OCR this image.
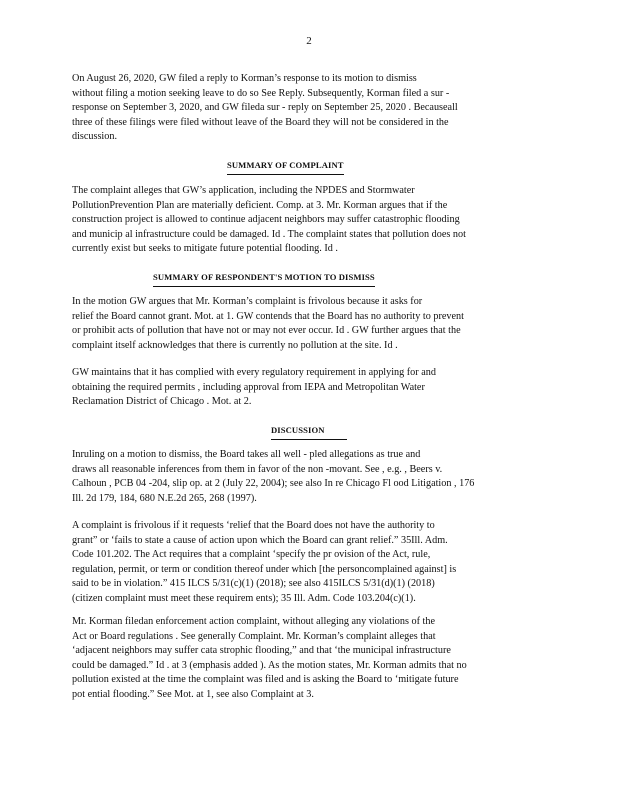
2
On August 26, 2020, GW filed a reply to Korman’s response to its motion to dismiss
without filing a motion seeking leave to do so See Reply. Subsequently, Korman filed a sur -
response on September 3, 2020, and GW fileda sur - reply on September 25, 2020 . Becauseall
three of these filings were filed without leave of the Board they will not be considered in the
discussion.
SUMMARY OF COMPLAINT
The complaint alleges that GW’s application, including the NPDES and Stormwater
PollutionPrevention Plan are materially deficient. Comp. at 3. Mr. Korman argues that if the
construction project is allowed to continue adjacent neighbors may suffer catastrophic flooding
and municip al infrastructure could be damaged. Id . The complaint states that pollution does not
currently exist but seeks to mitigate future potential flooding. Id .
SUMMARY OF RESPONDENT'S MOTION TO DISMISS
In the motion GW argues that Mr. Korman’s complaint is frivolous because it asks for
relief the Board cannot grant. Mot. at 1. GW contends that the Board has no authority to prevent
or prohibit acts of pollution that have not or may not ever occur. Id . GW further argues that the
complaint itself acknowledges that there is currently no pollution at the site. Id .
GW maintains that it has complied with every regulatory requirement in applying for and
obtaining the required permits , including approval from IEPA and Metropolitan Water
Reclamation District of Chicago . Mot. at 2.
DISCUSSION
Inruling on a motion to dismiss, the Board takes all well - pled allegations as true and
draws all reasonable inferences from them in favor of the non -movant. See , e.g. , Beers v.
Calhoun , PCB 04 -204, slip op. at 2 (July 22, 2004); see also In re Chicago Fl ood Litigation , 176
Ill. 2d 179, 184, 680 N.E.2d 265, 268 (1997).
A complaint is frivolous if it requests ‘relief that the Board does not have the authority to
grant” or ‘fails to state a cause of action upon which the Board can grant relief.” 35Ill. Adm.
Code 101.202. The Act requires that a complaint ‘specify the pr ovision of the Act, rule,
regulation, permit, or term or condition thereof under which [the personcomplained against] is
said to be in violation.” 415 ILCS 5/31(c)(1) (2018); see also 415ILCS 5/31(d)(1) (2018)
(citizen complaint must meet these requirem ents); 35 Ill. Adm. Code 103.204(c)(1).
Mr. Korman filedan enforcement action complaint, without alleging any violations of the
Act or Board regulations . See generally Complaint. Mr. Korman’s complaint alleges that
‘adjacent neighbors may suffer cata strophic flooding,” and that ‘the municipal infrastructure
could be damaged.” Id . at 3 (emphasis added ). As the motion states, Mr. Korman admits that no
pollution existed at the time the complaint was filed and is asking the Board to ‘mitigate future
pot ential flooding.” See Mot. at 1, see also Complaint at 3.
